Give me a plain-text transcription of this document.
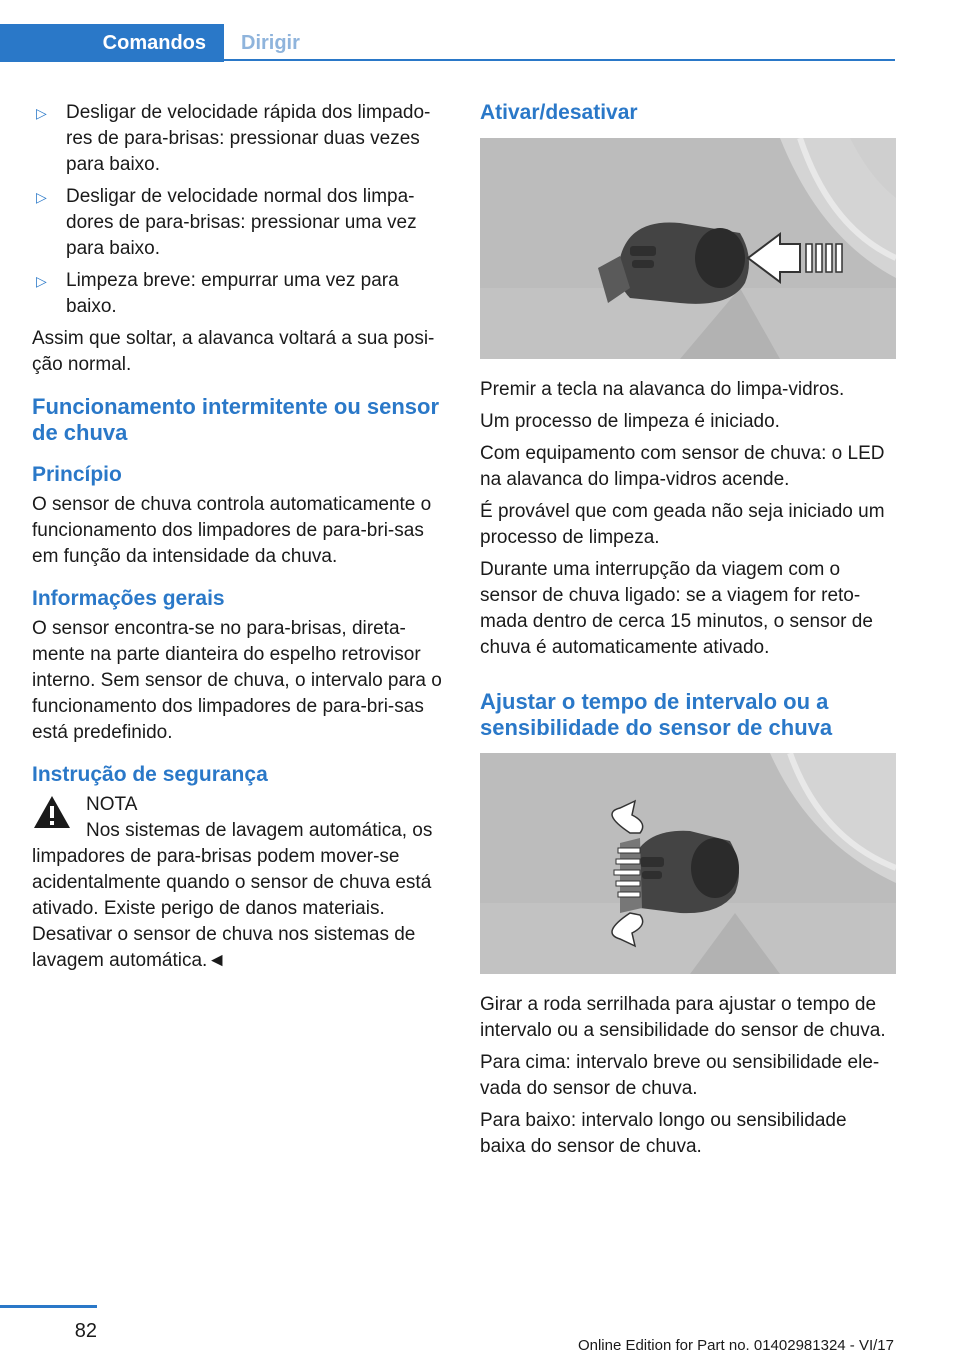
Comandos	Dirigir
▷ Desligar de velocidade rápida dos limpado-res de para-brisas: pressionar duas vezes para baixo.
▷ Desligar de velocidade normal dos limpa-dores de para-brisas: pressionar uma vez para baixo.
▷ Limpeza breve: empurrar uma vez para baixo.

Assim que soltar, a alavanca voltará a sua posi-ção normal.

Funcionamento intermitente ou sensor de chuva
Princípio

O sensor de chuva controla automaticamente o funcionamento dos limpadores de para-bri-sas em função da intensidade da chuva.

Informações gerais

O sensor encontra-se no para-brisas, direta-mente na parte dianteira do espelho retrovisor interno. Sem sensor de chuva, o intervalo para o funcionamento dos limpadores de para-bri-sas está predefinido.

Instrução de segurança
NOTA
Nos sistemas de lavagem automática, os
limpadores de para-brisas podem mover-se acidentalmente quando o sensor de chuva está ativado. Existe perigo de danos materiais. Desativar o sensor de chuva nos sistemas de lavagem automática.◄
Ativar/desativar

Premir a tecla na alavanca do limpa-vidros.

Um processo de limpeza é iniciado.

Com equipamento com sensor de chuva: o LED na alavanca do limpa-vidros acende.

É provável que com geada não seja iniciado um processo de limpeza.

Durante uma interrupção da viagem com o sensor de chuva ligado: se a viagem for reto-mada dentro de cerca 15 minutos, o sensor de chuva é automaticamente ativado.

Ajustar o tempo de intervalo ou a sensibilidade do sensor de chuva

Girar a roda serrilhada para ajustar o tempo de intervalo ou a sensibilidade do sensor de chuva.

Para cima: intervalo breve ou sensibilidade ele-vada do sensor de chuva.

Para baixo: intervalo longo ou sensibilidade baixa do sensor de chuva.

82
Online Edition for Part no. 01402981324 - VI/17
